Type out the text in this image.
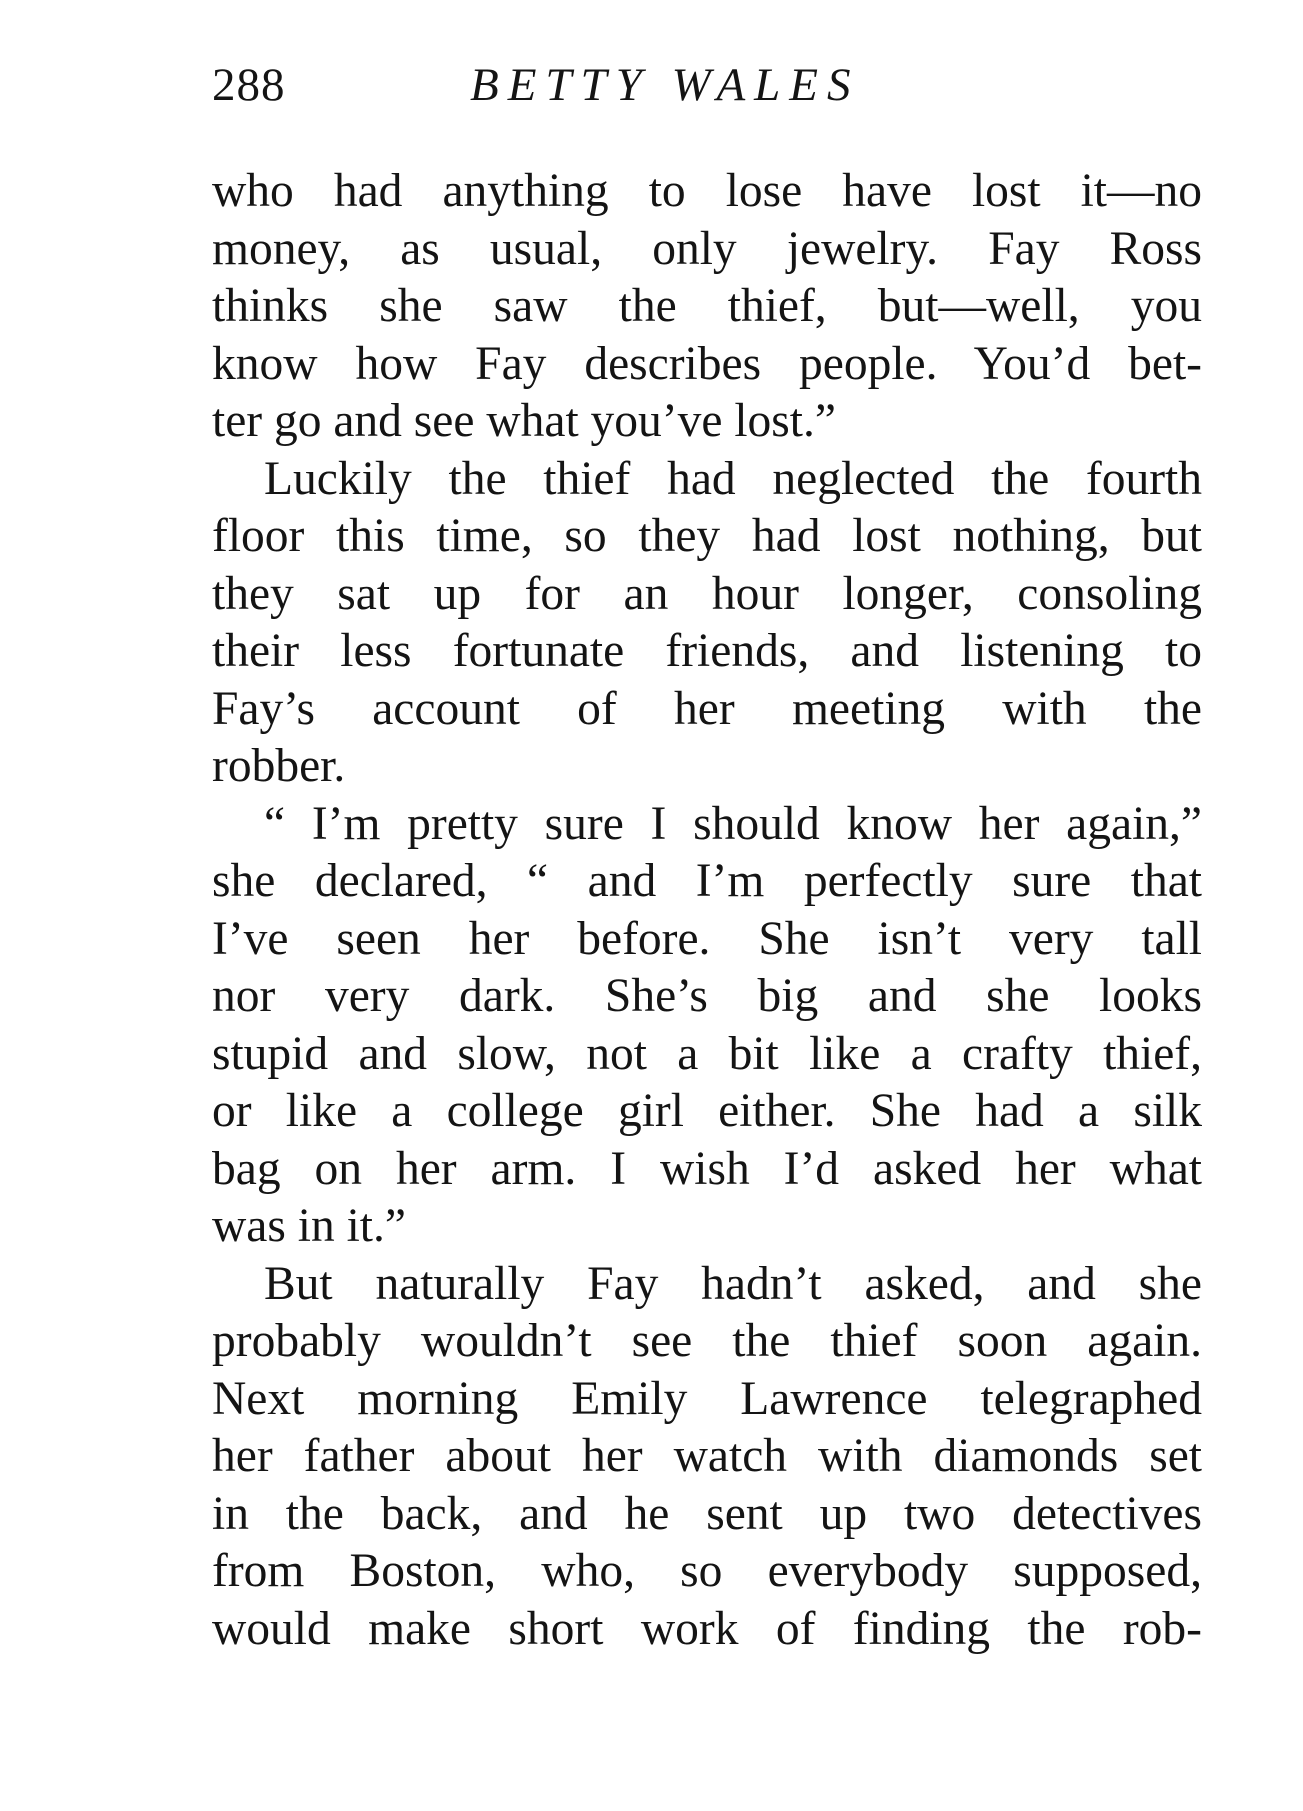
288	BETTY WALES
who had anything to lose have lost it—no
money, as usual, only jewelry. Fay Ross
thinks she saw the thief, but—well, you
know how Fay describes people. You’d bet-
ter go and see what you’ve lost.”
Luckily the thief had neglected the fourth
floor this time, so they had lost nothing, but
they sat up for an hour longer, consoling
their less fortunate friends, and listening to
Fay’s account of her meeting with the
robber.
“ I’m pretty sure I should know her again,”
she declared, “ and I’m perfectly sure that
I’ve seen her before. She isn’t very tall
nor very dark. She’s big and she looks
stupid and slow, not a bit like a crafty thief,
or like a college girl either. She had a silk
bag on her arm. I wish I’d asked her what
was in it.”
But naturally Fay hadn’t asked, and she
probably wouldn’t see the thief soon again.
Next morning Emily Lawrence telegraphed
her father about her watch with diamonds set
in the back, and he sent up two detectives
from Boston, who, so everybody supposed,
would make short work of finding the rob-
